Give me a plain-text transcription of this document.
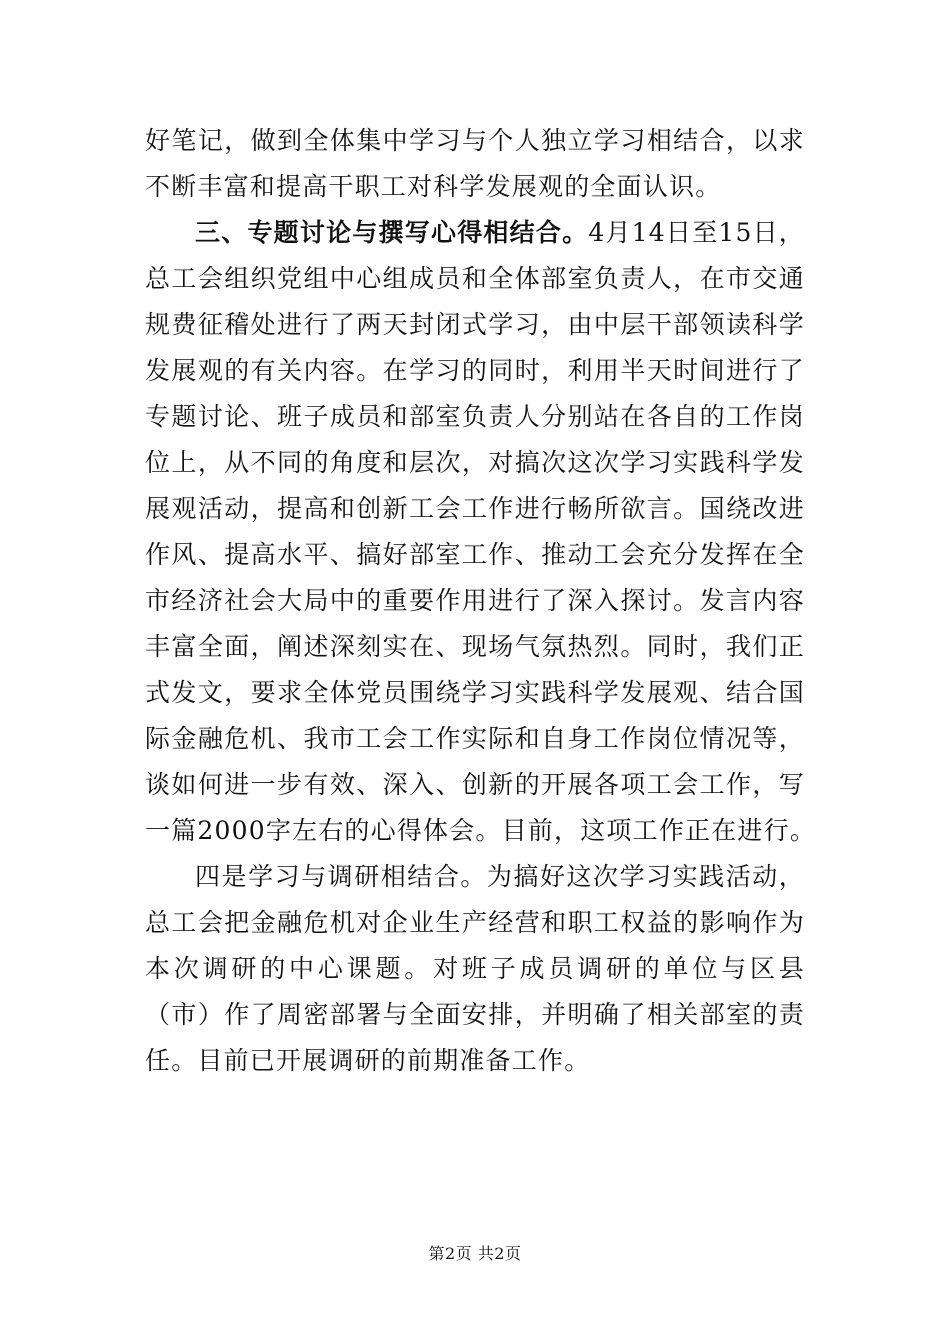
好笔记，做到全体集中学习与个人独立学习相结合，以求
不断丰富和提高干职工对科学发展观的全面认识。
三、专题讨论与撰写心得相结合。4月14日至15日，
总工会组织党组中心组成员和全体部室负责人，在市交通
规费征稽处进行了两天封闭式学习，由中层干部领读科学
发展观的有关内容。在学习的同时，利用半天时间进行了
专题讨论、班子成员和部室负责人分别站在各自的工作岗
位上，从不同的角度和层次，对搞次这次学习实践科学发
展观活动，提高和创新工会工作进行畅所欲言。国绕改进
作风、提高水平、搞好部室工作、推动工会充分发挥在全
市经济社会大局中的重要作用进行了深入探讨。发言内容
丰富全面，阐述深刻实在、现场气氛热烈。同时，我们正
式发文，要求全体党员围绕学习实践科学发展观、结合国
际金融危机、我市工会工作实际和自身工作岗位情况等，
谈如何进一步有效、深入、创新的开展各项工会工作，写
一篇2000字左右的心得体会。目前，这项工作正在进行。
四是学习与调研相结合。为搞好这次学习实践活动，
总工会把金融危机对企业生产经营和职工权益的影响作为
本次调研的中心课题。对班子成员调研的单位与区县
（市）作了周密部署与全面安排，并明确了相关部室的责
任。目前已开展调研的前期准备工作。
第2页 共2页
